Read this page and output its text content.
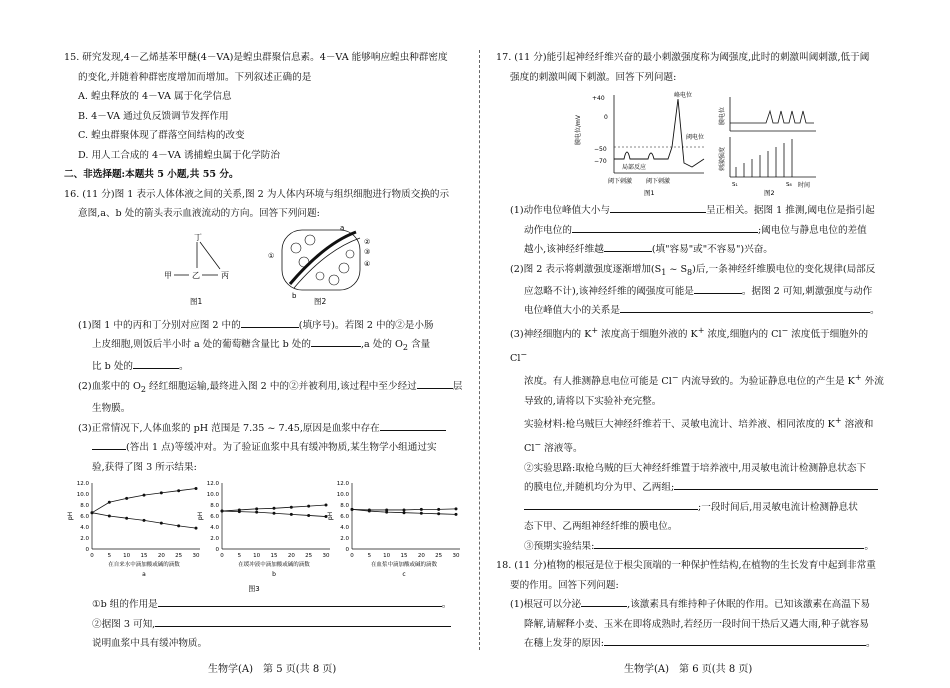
15. 研究发现,4－乙烯基苯甲醚(4－VA)是蝗虫群聚信息素。4－VA 能够响应蝗虫种群密度

的变化,并随着种群密度增加而增加。下列叙述正确的是

A. 蝗虫释放的 4－VA 属于化学信息

B. 4－VA 通过负反馈调节发挥作用

C. 蝗虫群聚体现了群落空间结构的改变

D. 用人工合成的 4－VA 诱捕蝗虫属于化学防治

二、非选择题:本题共 5 小题,共 55 分。

16. (11 分)图 1 表示人体体液之间的关系,图 2 为人体内环境与组织细胞进行物质交换的示

意图,a、b 处的箭头表示血液流动的方向。回答下列问题:

丁
甲	乙	丙
图1
a
b
①
②
③
④
图2

(1)图 1 中的丙和丁分别对应图 2 中的	(填序号)。若图 2 中的②是小肠

上皮细胞,则饭后半小时 a 处的葡萄糖含量比 b 处的	,a 处的 $O_2$ 含量

比 b 处的	。

(2)血浆中的 $O_2$ 经红细胞运输,最终进入图 2 中的②并被利用,该过程中至少经过	层

生物膜。

(3)正常情况下,人体血浆的 pH 范围是 7.35 ~ 7.45,原因是血浆中存在

(答出 1 点)等缓冲对。为了验证血浆中具有缓冲物质,某生物学小组通过实

验,获得了图 3 所示结果:

0
2.0
4.0
6.0
8.0
10.0
12.0
0	5 10 15 20 25 30
pH
在自来水中滴加酸或碱的滴数
a
0
2.0
4.0
6.0
8.0
10.0
12.0
0	5 10 15 20 25 30
pH
在缓冲液中滴加酸或碱的滴数
b
0
2.0
4.0
6.0
8.0
10.0
12.0
0	5 10 15 20 25 30
pH
在血浆中滴加酸或碱的滴数
c
图3

①b 组的作用是	。

②据图 3 可知,

说明血浆中具有缓冲物质。

17. (11 分)能引起神经纤维兴奋的最小刺激强度称为阈强度,此时的刺激叫阈刺激,低于阈

强度的刺激叫阈下刺激。回答下列问题:

膜电位/mV
+40
0
−50
−70
峰电位
阈电位
局部反应
阈下刺激 阈下刺激
图1
膜电位
刺激强度
S₁	S₈ 时间
图2

(1)动作电位峰值大小与	呈正相关。据图 1 推测,阈电位是指引起

动作电位的	;阈电位与静息电位的差值

越小,该神经纤维越	(填"容易"或"不容易")兴奋。

(2)图 2 表示将刺激强度逐渐增加($S_1$ ~ $S_8$)后,一条神经纤维膜电位的变化规律(局部反

应忽略不计),该神经纤维的阈强度可能是	。据图 2 可知,刺激强度与动作

电位峰值大小的关系是	。

(3)神经细胞内的 K+ 浓度高于细胞外液的 K+ 浓度,细胞内的 Cl− 浓度低于细胞外的 Cl−

浓度。有人推测静息电位可能是 Cl− 内流导致的。为验证静息电位的产生是 K+ 外流

导致的,请将以下实验补充完整。

实验材料:枪乌贼巨大神经纤维若干、灵敏电流计、培养液、相同浓度的 K+ 溶液和

Cl− 溶液等。

②实验思路:取枪乌贼的巨大神经纤维置于培养液中,用灵敏电流计检测静息状态下

的膜电位,并随机均分为甲、乙两组;

;一段时间后,用灵敏电流计检测静息状

态下甲、乙两组神经纤维的膜电位。

③预期实验结果:	。

18. (11 分)植物的根冠是位于根尖顶端的一种保护性结构,在植物的生长发育中起到非常重

要的作用。回答下列问题:

(1)根冠可以分泌	,该激素具有维持种子休眠的作用。已知该激素在高温下易

降解,请解释小麦、玉米在即将成熟时,若经历一段时间干热后又遇大雨,种子就容易

在穗上发芽的原因:	。

生物学(A)　第 5 页(共 8 页)	生物学(A)　第 6 页(共 8 页)
